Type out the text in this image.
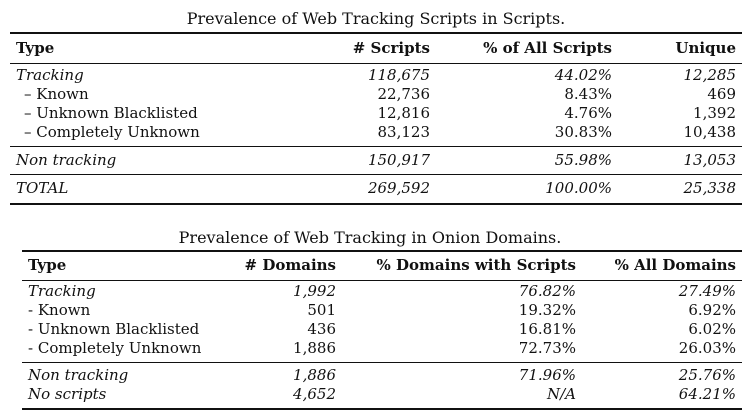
Prevalence of Web Tracking Scripts in Scripts.
Type	# Scripts	% of All Scripts	Unique
Tracking	118,675	44.02%	12,285
– Known	22,736	8.43%	469
– Unknown Blacklisted	12,816	4.76%	1,392
– Completely Unknown	83,123	30.83%	10,438
Non tracking	150,917	55.98%	13,053
TOTAL	269,592	100.00%	25,338
Prevalence of Web Tracking in Onion Domains.
Type	# Domains	% Domains with Scripts	% All Domains
Tracking	1,992	76.82%	27.49%
- Known	501	19.32%	6.92%
- Unknown Blacklisted	436	16.81%	6.02%
- Completely Unknown	1,886	72.73%	26.03%
Non tracking	1,886	71.96%	25.76%
No scripts	4,652	N/A	64.21%
